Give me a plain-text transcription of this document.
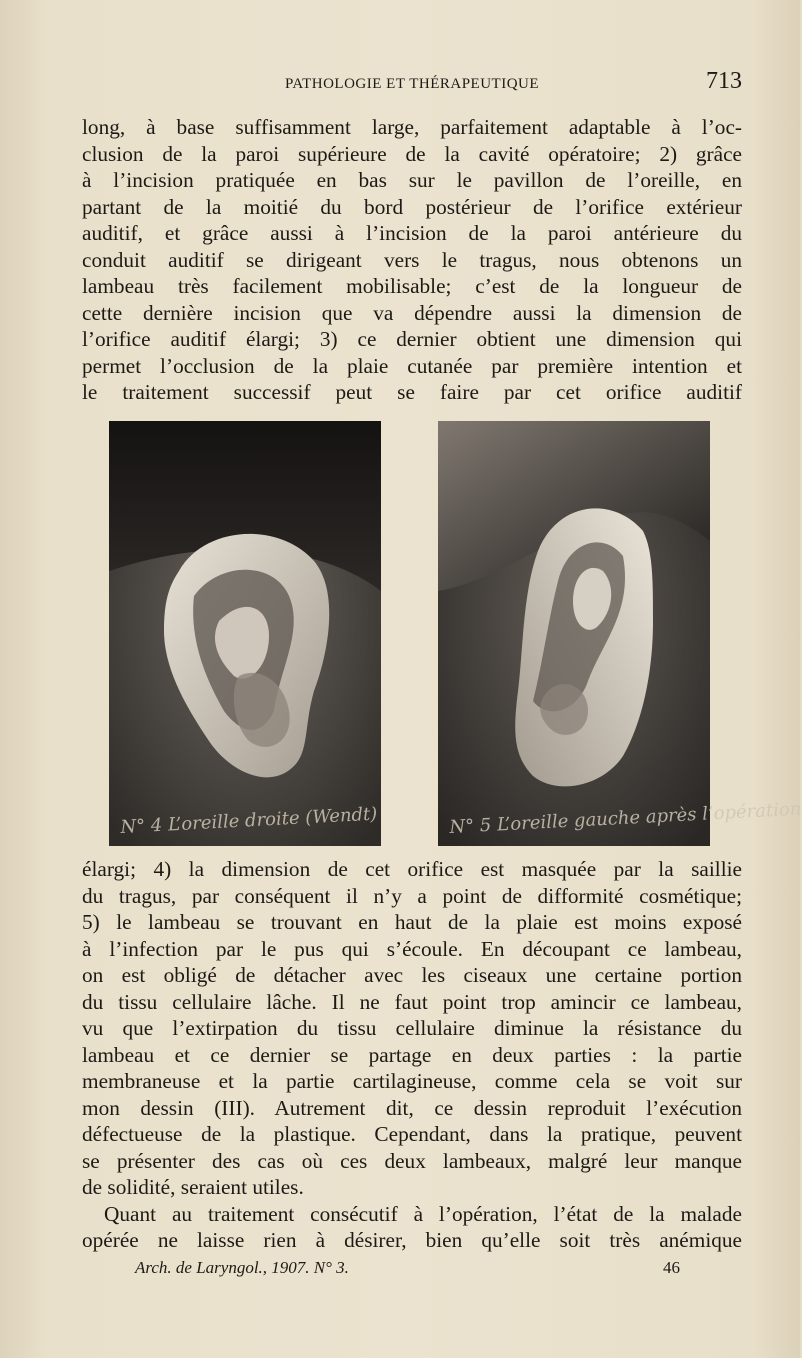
PATHOLOGIE ET THÉRAPEUTIQUE	713
long, à base suffisamment large, parfaitement adaptable à l’oc-
clusion de la paroi supérieure de la cavité opératoire; 2) grâce
à l’incision pratiquée en bas sur le pavillon de l’oreille, en
partant de la moitié du bord postérieur de l’orifice extérieur
auditif, et grâce aussi à l’incision de la paroi antérieure du
conduit auditif se dirigeant vers le tragus, nous obtenons un
lambeau très facilement mobilisable; c’est de la longueur de
cette dernière incision que va dépendre aussi la dimension de
l’orifice auditif élargi; 3) ce dernier obtient une dimension qui
permet l’occlusion de la plaie cutanée par première intention et
le traitement successif peut se faire par cet orifice auditif
N° 4 L’oreille droite (Wendt)	N° 5 L’oreille gauche après l’opération
élargi; 4) la dimension de cet orifice est masquée par la saillie
du tragus, par conséquent il n’y a point de difformité cosmétique;
5) le lambeau se trouvant en haut de la plaie est moins exposé
à l’infection par le pus qui s’écoule. En découpant ce lambeau,
on est obligé de détacher avec les ciseaux une certaine portion
du tissu cellulaire lâche. Il ne faut point trop amincir ce lambeau,
vu que l’extirpation du tissu cellulaire diminue la résistance du
lambeau et ce dernier se partage en deux parties : la partie
membraneuse et la partie cartilagineuse, comme cela se voit sur
mon dessin (III). Autrement dit, ce dessin reproduit l’exécution
défectueuse de la plastique. Cependant, dans la pratique, peuvent
se présenter des cas où ces deux lambeaux, malgré leur manque
de solidité, seraient utiles.
Quant au traitement consécutif à l’opération, l’état de la malade
opérée ne laisse rien à désirer, bien qu’elle soit très anémique
Arch. de Laryngol., 1907. N° 3.	46
